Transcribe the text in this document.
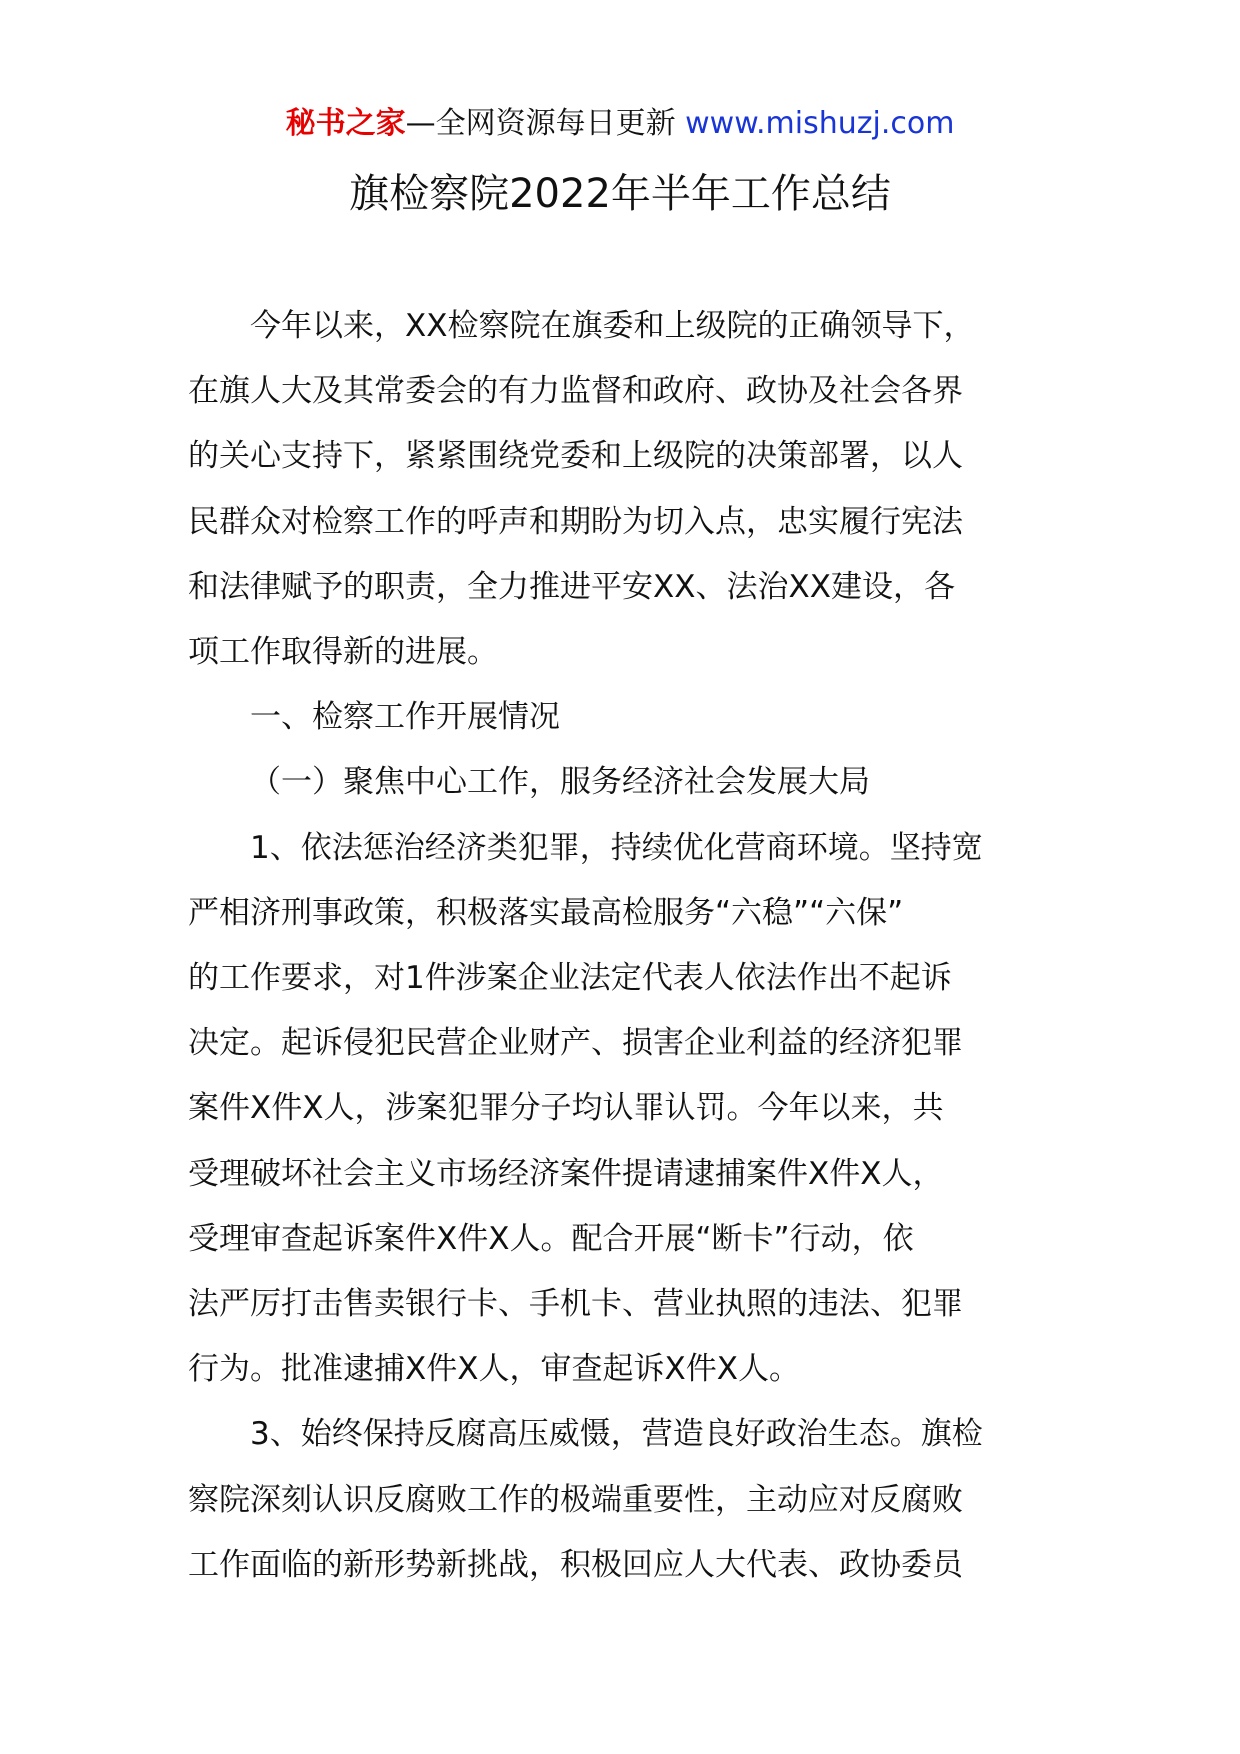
秘书之家—全网资源每日更新 www.mishuzj.com
旗检察院2022年半年工作总结

今年以来，XX检察院在旗委和上级院的正确领导下，
在旗人大及其常委会的有力监督和政府、政协及社会各界
的关心支持下，紧紧围绕党委和上级院的决策部署，以人
民群众对检察工作的呼声和期盼为切入点，忠实履行宪法
和法律赋予的职责，全力推进平安XX、法治XX建设，各
项工作取得新的进展。

一、检察工作开展情况

（一）聚焦中心工作，服务经济社会发展大局

1、依法惩治经济类犯罪，持续优化营商环境。坚持宽
严相济刑事政策，积极落实最高检服务“六稳”“六保”
的工作要求，对1件涉案企业法定代表人依法作出不起诉
决定。起诉侵犯民营企业财产、损害企业利益的经济犯罪
案件X件X人，涉案犯罪分子均认罪认罚。今年以来，共
受理破坏社会主义市场经济案件提请逮捕案件X件X人，
受理审查起诉案件X件X人。配合开展“断卡”行动，依
法严厉打击售卖银行卡、手机卡、营业执照的违法、犯罪
行为。批准逮捕X件X人，审查起诉X件X人。

3、始终保持反腐高压威慑，营造良好政治生态。旗检
察院深刻认识反腐败工作的极端重要性，主动应对反腐败
工作面临的新形势新挑战，积极回应人大代表、政协委员
